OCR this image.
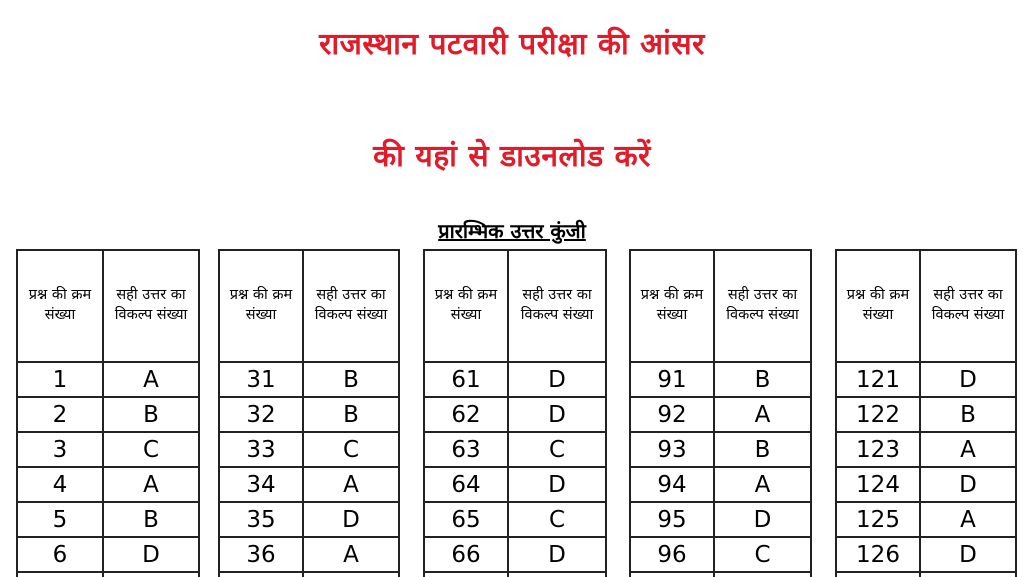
राजस्थान पटवारी परीक्षा की आंसर
की यहां से डाउनलोड करें
प्रारम्भिक उत्तर कुंजी
प्रश्न की क्रम संख्या	सही उत्तर का विकल्प संख्या
1	A
2	B
3	C
4	A
5	B
6	D

प्रश्न की क्रम संख्या	सही उत्तर का विकल्प संख्या
31	B
32	B
33	C
34	A
35	D
36	A

प्रश्न की क्रम संख्या	सही उत्तर का विकल्प संख्या
61	D
62	D
63	C
64	D
65	C
66	D

प्रश्न की क्रम संख्या	सही उत्तर का विकल्प संख्या
91	B
92	A
93	B
94	A
95	D
96	C

प्रश्न की क्रम संख्या	सही उत्तर का विकल्प संख्या
121	D
122	B
123	A
124	D
125	A
126	D
